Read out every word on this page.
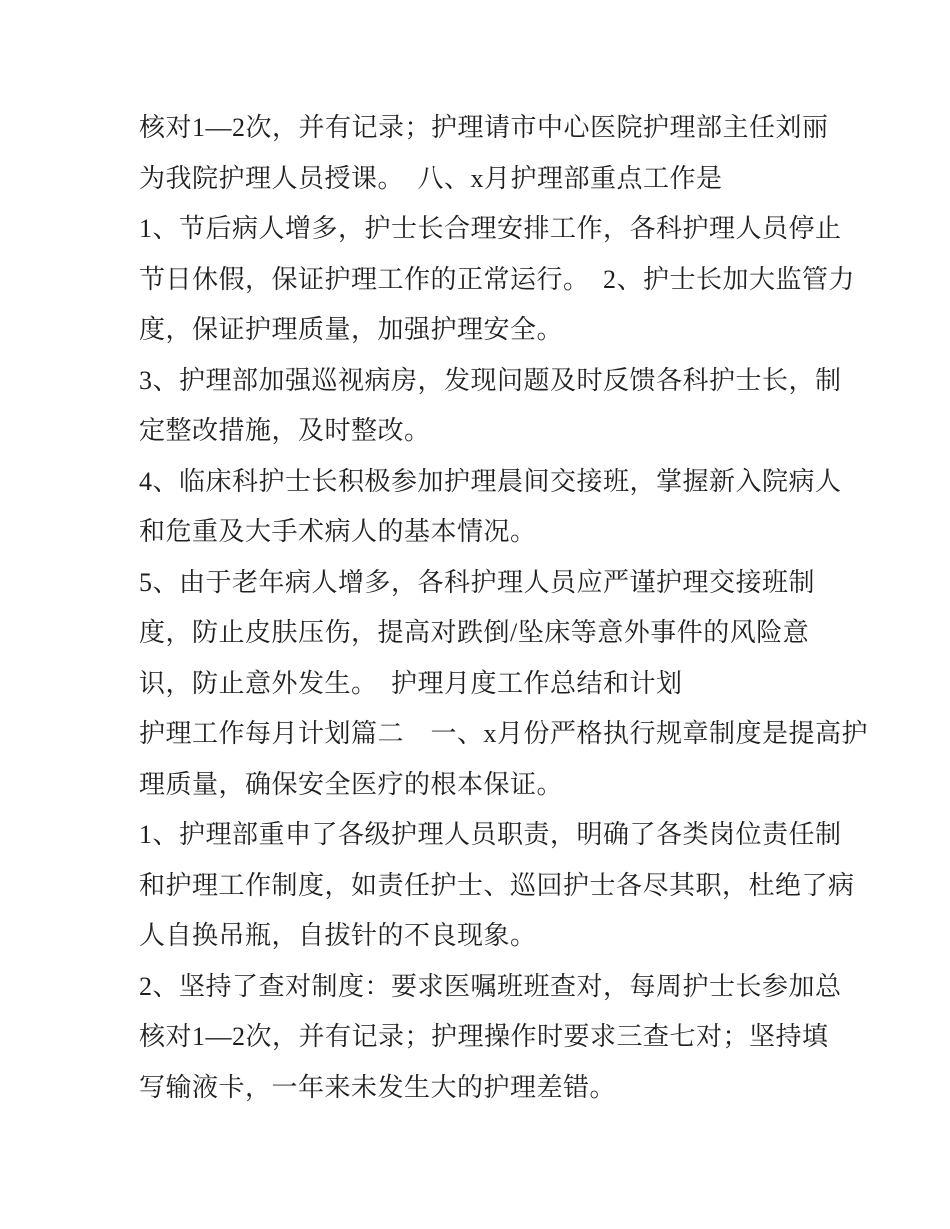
核对1—2次，并有记录；护理请市中心医院护理部主任刘丽
为我院护理人员授课。　八、x月护理部重点工作是
1、节后病人增多，护士长合理安排工作，各科护理人员停止
节日休假，保证护理工作的正常运行。　2、护士长加大监管力
度，保证护理质量，加强护理安全。
3、护理部加强巡视病房，发现问题及时反馈各科护士长，制
定整改措施，及时整改。
4、临床科护士长积极参加护理晨间交接班，掌握新入院病人
和危重及大手术病人的基本情况。
5、由于老年病人增多，各科护理人员应严谨护理交接班制
度，防止皮肤压伤，提高对跌倒/坠床等意外事件的风险意
识，防止意外发生。　护理月度工作总结和计划
护理工作每月计划篇二　一、x月份严格执行规章制度是提高护
理质量，确保安全医疗的根本保证。
1、护理部重申了各级护理人员职责，明确了各类岗位责任制
和护理工作制度，如责任护士、巡回护士各尽其职，杜绝了病
人自换吊瓶，自拔针的不良现象。
2、坚持了查对制度：要求医嘱班班查对，每周护士长参加总
核对1—2次，并有记录；护理操作时要求三查七对；坚持填
写输液卡，一年来未发生大的护理差错。
